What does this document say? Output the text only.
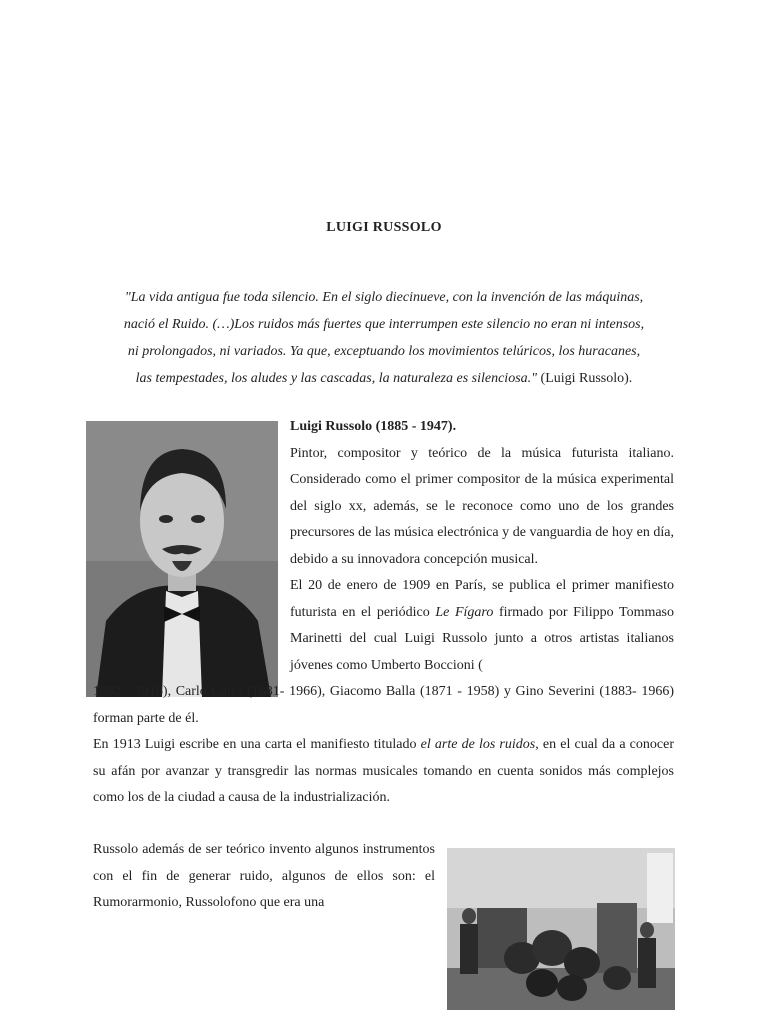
LUIGI RUSSOLO

"La vida antigua fue toda silencio. En el siglo diecinueve, con la invención de las máquinas,
nació el Ruido. (…)Los ruidos más fuertes que interrumpen este silencio no eran ni intensos,
ni prolongados, ni variados. Ya que, exceptuando los movimientos telúricos, los huracanes,
las tempestades, los aludes y las cascadas, la naturaleza es silenciosa." (Luigi Russolo).

Luigi Russolo (1885 - 1947).

Pintor, compositor y teórico de la música futurista italiano. Considerado como el primer compositor de la música experimental del siglo xx, además, se le reconoce como uno de los grandes precursores de las música electrónica y de vanguardia de hoy en día, debido a su innovadora concepción musical.

El 20 de enero de 1909 en París, se publica el primer manifiesto futurista en el periódico Le Fígaro firmado por Filippo Tommaso Marinetti del cual Luigi Russolo junto a otros artistas italianos jóvenes como Umberto Boccioni (

1882 - 1916), Carlo Carra (1881- 1966), Giacomo Balla (1871 - 1958) y Gino Severini (1883- 1966) forman parte de él.

En 1913 Luigi escribe en una carta el manifiesto titulado el arte de los ruidos, en el cual da a conocer su afán por avanzar y transgredir las normas musicales tomando en cuenta sonidos más complejos como los de la ciudad a causa de la industrialización.

Russolo además de ser teórico invento algunos instrumentos con el fin de generar ruido, algunos de ellos son: el Rumorarmonio, Russolofono que era una
